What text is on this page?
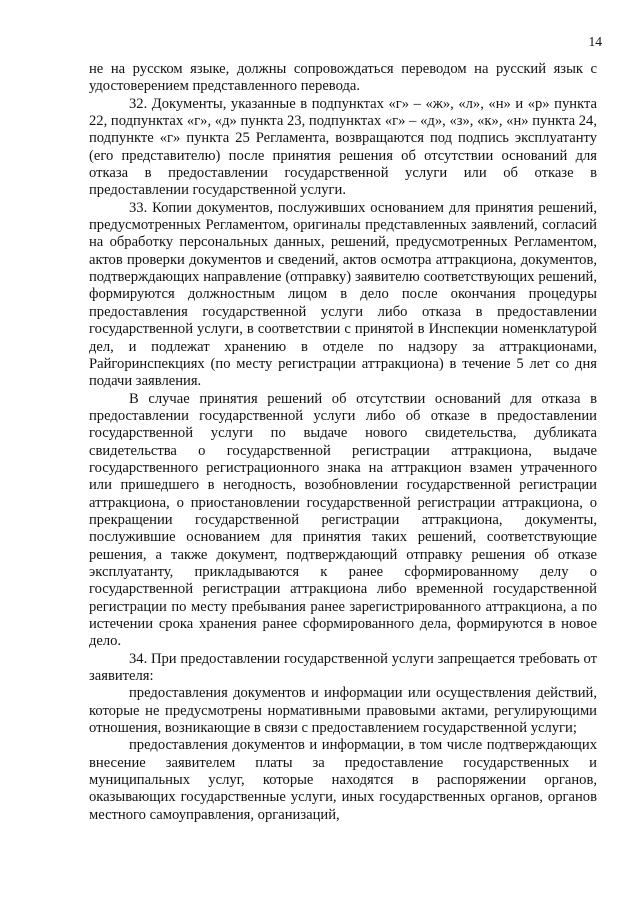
14

не на русском языке, должны сопровождаться переводом на русский язык с удостоверением представленного перевода.

32. Документы, указанные в подпунктах «г» – «ж», «л», «н» и «р» пункта 22, подпунктах «г», «д» пункта 23, подпунктах «г» – «д», «з», «к», «н» пункта 24, подпункте «г» пункта 25 Регламента, возвращаются под подпись эксплуатанту (его представителю) после принятия решения об отсутствии оснований для отказа в предоставлении государственной услуги или об отказе в предоставлении государственной услуги.

33. Копии документов, послуживших основанием для принятия решений, предусмотренных Регламентом, оригиналы представленных заявлений, согласий на обработку персональных данных, решений, предусмотренных Регламентом, актов проверки документов и сведений, актов осмотра аттракциона, документов, подтверждающих направление (отправку) заявителю соответствующих решений, формируются должностным лицом в дело после окончания процедуры предоставления государственной услуги либо отказа в предоставлении государственной услуги, в соответствии с принятой в Инспекции номенклатурой дел, и подлежат хранению в отделе по надзору за аттракционами, Райгоринспекциях (по месту регистрации аттракциона) в течение 5 лет со дня подачи заявления.

В случае принятия решений об отсутствии оснований для отказа в предоставлении государственной услуги либо об отказе в предоставлении государственной услуги по выдаче нового свидетельства, дубликата свидетельства о государственной регистрации аттракциона, выдаче государственного регистрационного знака на аттракцион взамен утраченного или пришедшего в негодность, возобновлении государственной регистрации аттракциона, о приостановлении государственной регистрации аттракциона, о прекращении государственной регистрации аттракциона, документы, послужившие основанием для принятия таких решений, соответствующие решения, а также документ, подтверждающий отправку решения об отказе эксплуатанту, прикладываются к ранее сформированному делу о государственной регистрации аттракциона либо временной государственной регистрации по месту пребывания ранее зарегистрированного аттракциона, а по истечении срока хранения ранее сформированного дела, формируются в новое дело.

34. При предоставлении государственной услуги запрещается требовать от заявителя:

предоставления документов и информации или осуществления действий, которые не предусмотрены нормативными правовыми актами, регулирующими отношения, возникающие в связи с предоставлением государственной услуги;

предоставления документов и информации, в том числе подтверждающих внесение заявителем платы за предоставление государственных и муниципальных услуг, которые находятся в распоряжении органов, оказывающих государственные услуги, иных государственных органов, органов местного самоуправления, организаций,
